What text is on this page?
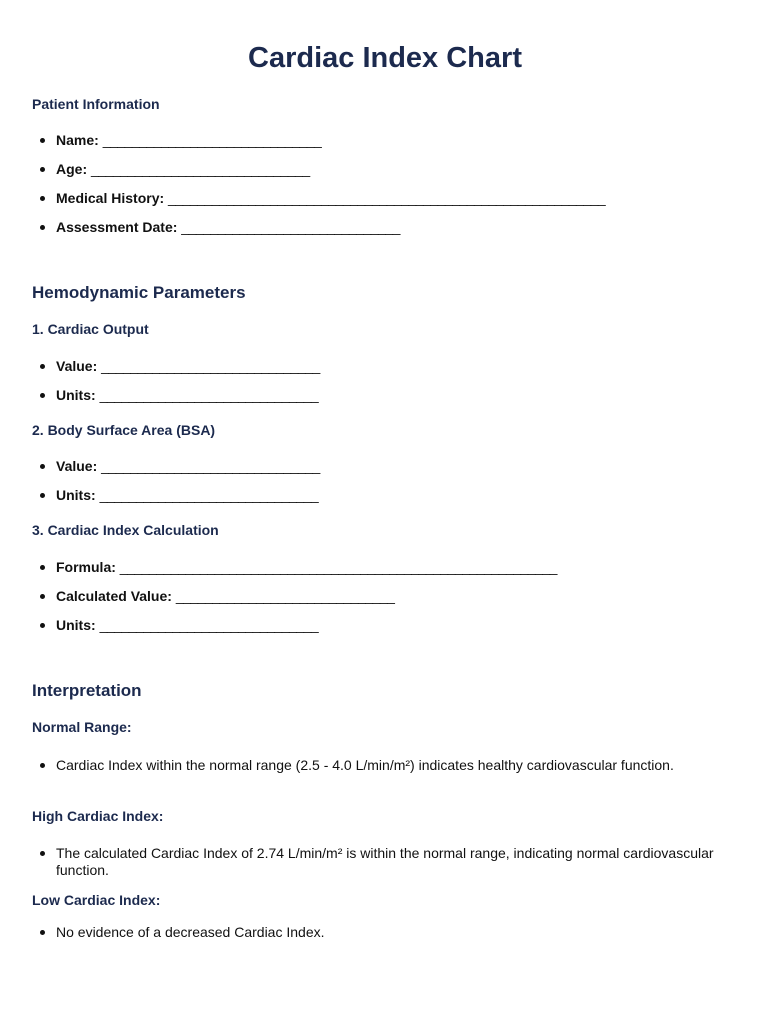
Cardiac Index Chart
Patient Information
Name: ______________________________
Age: ______________________________
Medical History: ____________________________________________________________
Assessment Date: ______________________________
Hemodynamic Parameters
1. Cardiac Output
Value: ______________________________
Units: ______________________________
2. Body Surface Area (BSA)
Value: ______________________________
Units: ______________________________
3. Cardiac Index Calculation
Formula: ____________________________________________________________
Calculated Value: ______________________________
Units: ______________________________
Interpretation
Normal Range:
Cardiac Index within the normal range (2.5 - 4.0 L/min/m²) indicates healthy cardiovascular function.
High Cardiac Index:
The calculated Cardiac Index of 2.74 L/min/m² is within the normal range, indicating normal cardiovascular function.
Low Cardiac Index:
No evidence of a decreased Cardiac Index.
